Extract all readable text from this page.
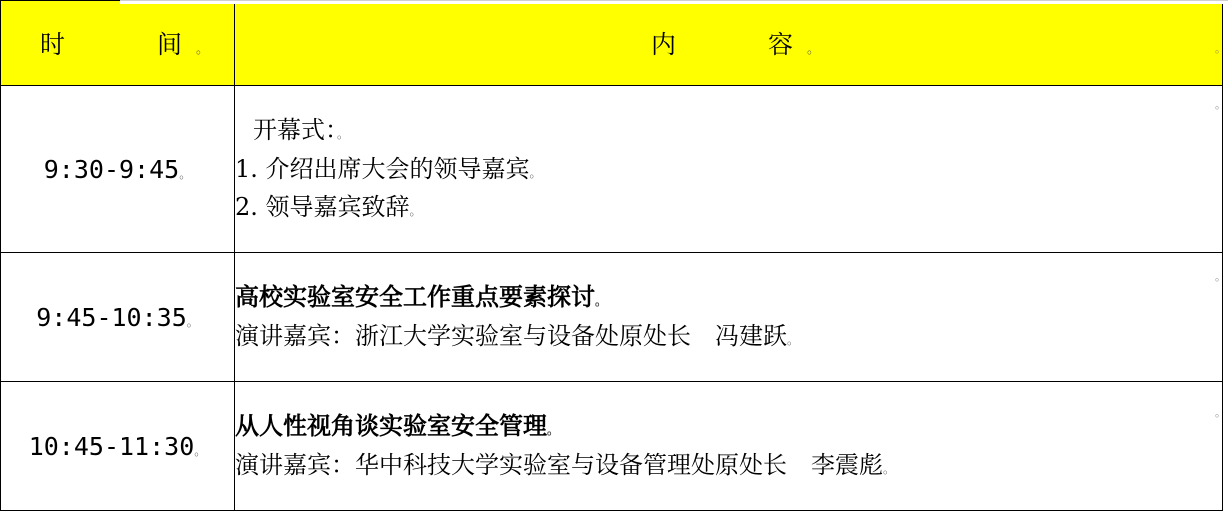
时　　间。	内　　容。
9:30-9:45。	开幕式：。
1. 介绍出席大会的领导嘉宾。
2. 领导嘉宾致辞。

9:45-10:35。	高校实验室安全工作重点要素探讨。
演讲嘉宾：浙江大学实验室与设备处原处长　冯建跃。

10:45-11:30。	从人性视角谈实验室安全管理。
演讲嘉宾：华中科技大学实验室与设备管理处原处长　李震彪。
。
。
。
。
